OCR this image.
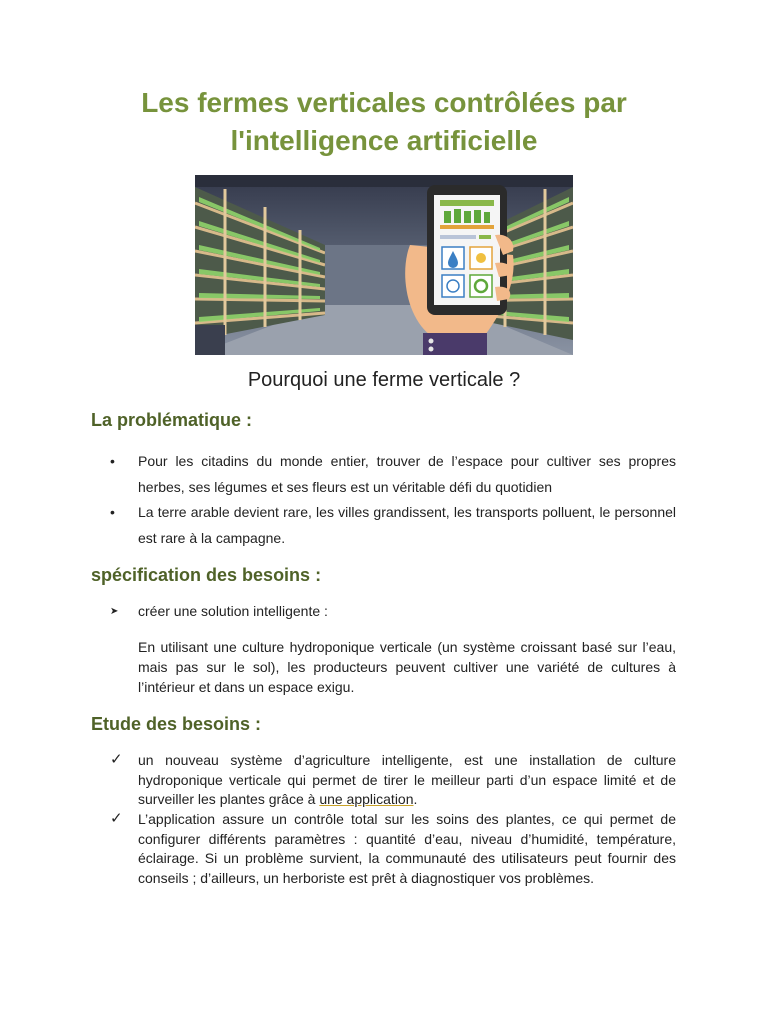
Les fermes verticales contrôlées par l'intelligence artificielle
Pourquoi une ferme verticale ?
La problématique :
• Pour les citadins du monde entier, trouver de l’espace pour cultiver ses propres herbes, ses légumes et ses fleurs est un véritable défi du quotidien
• La terre arable devient rare, les villes grandissent, les transports polluent, le personnel est rare à la campagne.
spécification des besoins :
➤ créer une solution intelligente :
En utilisant une culture hydroponique verticale (un système croissant basé sur l’eau, mais pas sur le sol), les producteurs peuvent cultiver une variété de cultures à l’intérieur et dans un espace exigu.
Etude des besoins :
✓ un nouveau système d’agriculture intelligente, est une installation de culture hydroponique verticale qui permet de tirer le meilleur parti d’un espace limité et de surveiller les plantes grâce à une application.
✓ L’application assure un contrôle total sur les soins des plantes, ce qui permet de configurer différents paramètres : quantité d’eau, niveau d’humidité, température, éclairage. Si un problème survient, la communauté des utilisateurs peut fournir des conseils ; d’ailleurs, un herboriste est prêt à diagnostiquer vos problèmes.
